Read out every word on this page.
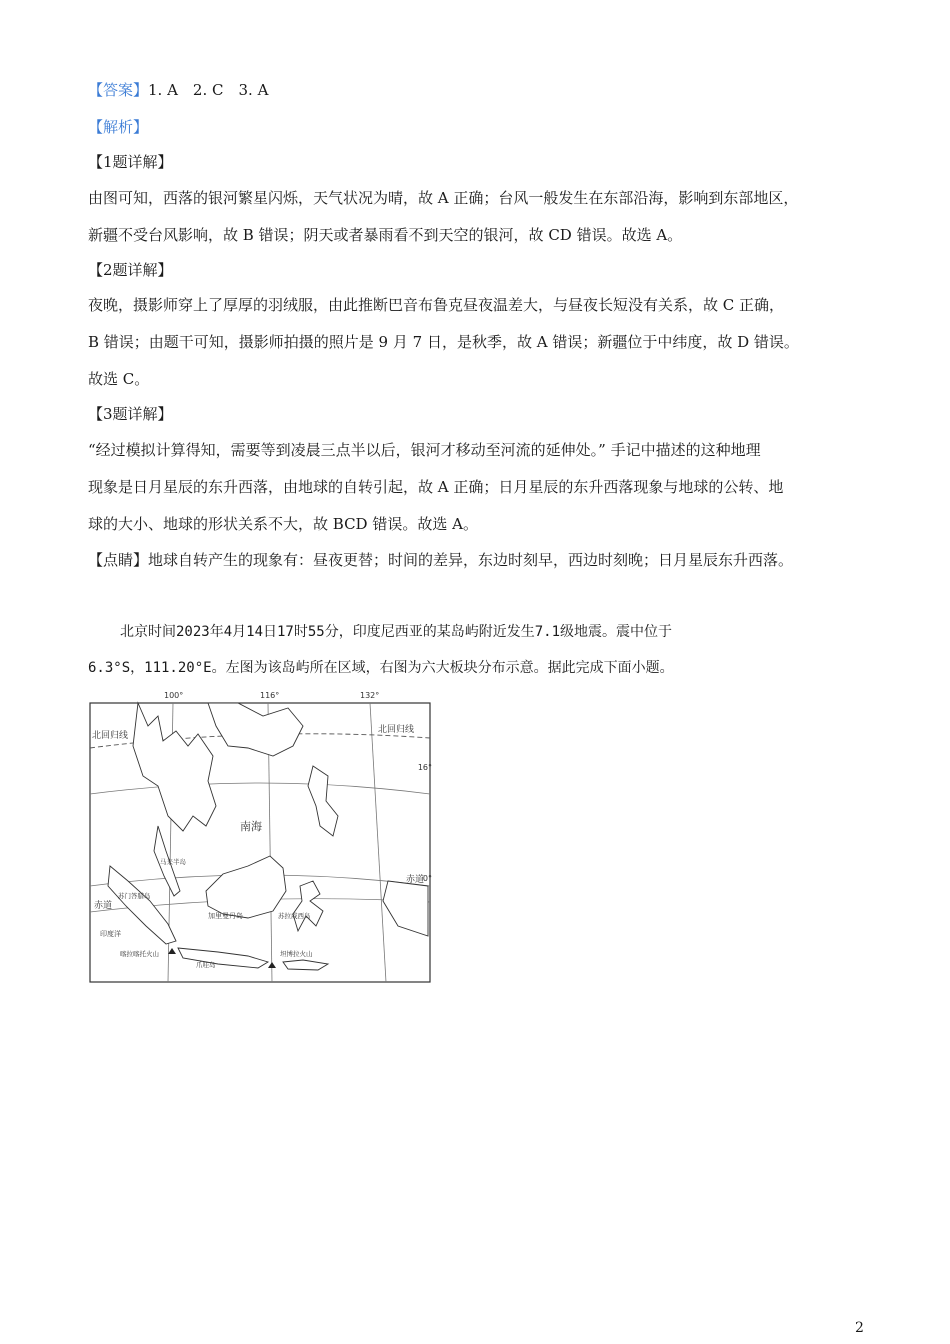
【答案】1. A　2. C　3. A
【解析】
【1题详解】
由图可知，西落的银河繁星闪烁，天气状况为晴，故 A 正确；台风一般发生在东部沿海，影响到东部地区，
新疆不受台风影响，故 B 错误；阴天或者暴雨看不到天空的银河，故 CD 错误。故选 A。
【2题详解】
夜晚，摄影师穿上了厚厚的羽绒服，由此推断巴音布鲁克昼夜温差大，与昼夜长短没有关系，故 C 正确，
B 错误；由题干可知，摄影师拍摄的照片是 9 月 7 日，是秋季，故 A 错误；新疆位于中纬度，故 D 错误。
故选 C。
【3题详解】
“经过模拟计算得知，需要等到凌晨三点半以后，银河才移动至河流的延伸处。” 手记中描述的这种地理
现象是日月星辰的东升西落，由地球的自转引起，故 A 正确；日月星辰的东升西落现象与地球的公转、地
球的大小、地球的形状关系不大，故 BCD 错误。故选 A。
【点睛】地球自转产生的现象有：昼夜更替；时间的差异，东边时刻早，西边时刻晚；日月星辰东升西落。
北京时间2023年4月14日17时55分，印度尼西亚的某岛屿附近发生7.1级地震。震中位于
6.3°S，111.20°E。左图为该岛屿所在区域，右图为六大板块分布示意。据此完成下面小题。
100°	116°	132°
16°
0°
北回归线
北回归线
赤道
赤道
南海
马来半岛
苏门答腊岛
加里曼丹岛	苏拉威西岛
印度洋
喀拉喀托火山
爪哇岛
坦博拉火山
2
